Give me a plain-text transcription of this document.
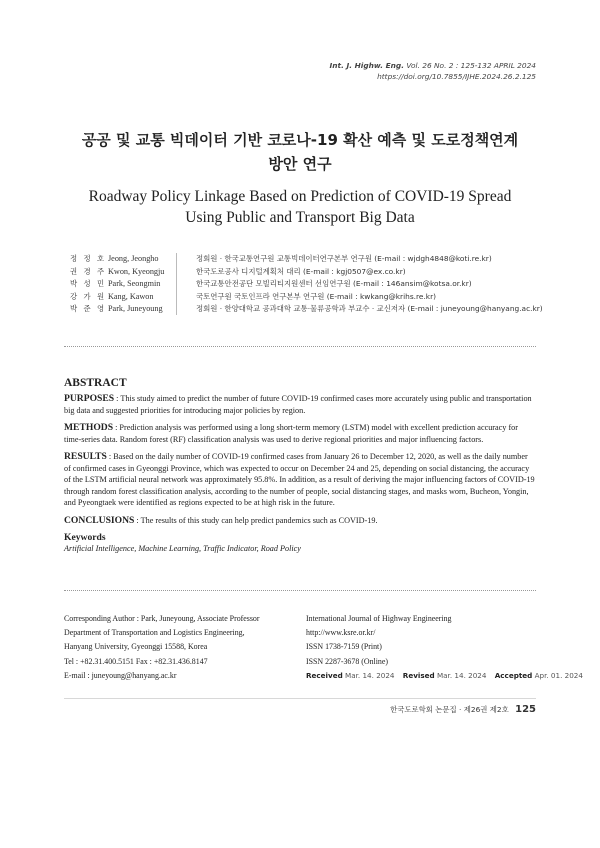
Int. J. Highw. Eng. Vol. 26 No. 2 : 125-132 APRIL 2024
https://doi.org/10.7855/IJHE.2024.26.2.125
공공 및 교통 빅데이터 기반 코로나-19 확산 예측 및 도로정책연계
방안 연구
Roadway Policy Linkage Based on Prediction of COVID-19 Spread
Using Public and Transport Big Data
정 정 호 Jeong, Jeongho	정회원 · 한국교통연구원 교통빅데이터연구본부 연구원 (E-mail : wjdgh4848@koti.re.kr)
권 경 주 Kwon, Kyeongju	한국도로공사 디지털계획처 대리 (E-mail : kgj0507@ex.co.kr)
박 성 민 Park, Seongmin	한국교통안전공단 모빌리티지원센터 선임연구원 (E-mail : 146ansim@kotsa.or.kr)
강 가 원 Kang, Kawon	국토연구원 국토인프라 연구본부 연구원 (E-mail : kwkang@krihs.re.kr)
박 준 영 Park, Juneyoung	정회원 · 한양대학교 공과대학 교통·물류공학과 부교수 · 교신저자 (E-mail : juneyoung@hanyang.ac.kr)
ABSTRACT

PURPOSES : This study aimed to predict the number of future COVID-19 confirmed cases more accurately using public and transportation big data and suggested priorities for introducing major policies by region.

METHODS : Prediction analysis was performed using a long short-term memory (LSTM) model with excellent prediction accuracy for time-series data. Random forest (RF) classification analysis was used to derive regional priorities and major influencing factors.

RESULTS : Based on the daily number of COVID-19 confirmed cases from January 26 to December 12, 2020, as well as the daily number of confirmed cases in Gyeonggi Province, which was expected to occur on December 24 and 25, depending on social distancing, the accuracy of the LSTM artificial neural network was approximately 95.8%. In addition, as a result of deriving the major influencing factors of COVID-19 through random forest classification analysis, according to the number of people, social distancing stages, and masks worn, Bucheon, Yongin, and Pyeongtaek were identified as regions expected to be at high risk in the future.

CONCLUSIONS : The results of this study can help predict pandemics such as COVID-19.

Keywords
Artificial Intelligence, Machine Learning, Traffic Indicator, Road Policy
Corresponding Author : Park, Juneyoung, Associate Professor
Department of Transportation and Logistics Engineering,
Hanyang University, Gyeonggi 15588, Korea
Tel : +82.31.400.5151 Fax : +82.31.436.8147
E-mail : juneyoung@hanyang.ac.kr
International Journal of Highway Engineering
http://www.ksre.or.kr/
ISSN 1738-7159 (Print)
ISSN 2287-3678 (Online)
Received Mar. 14. 2024 Revised Mar. 14. 2024 Accepted Apr. 01. 2024
한국도로학회 논문집 · 제26권 제2호 125
